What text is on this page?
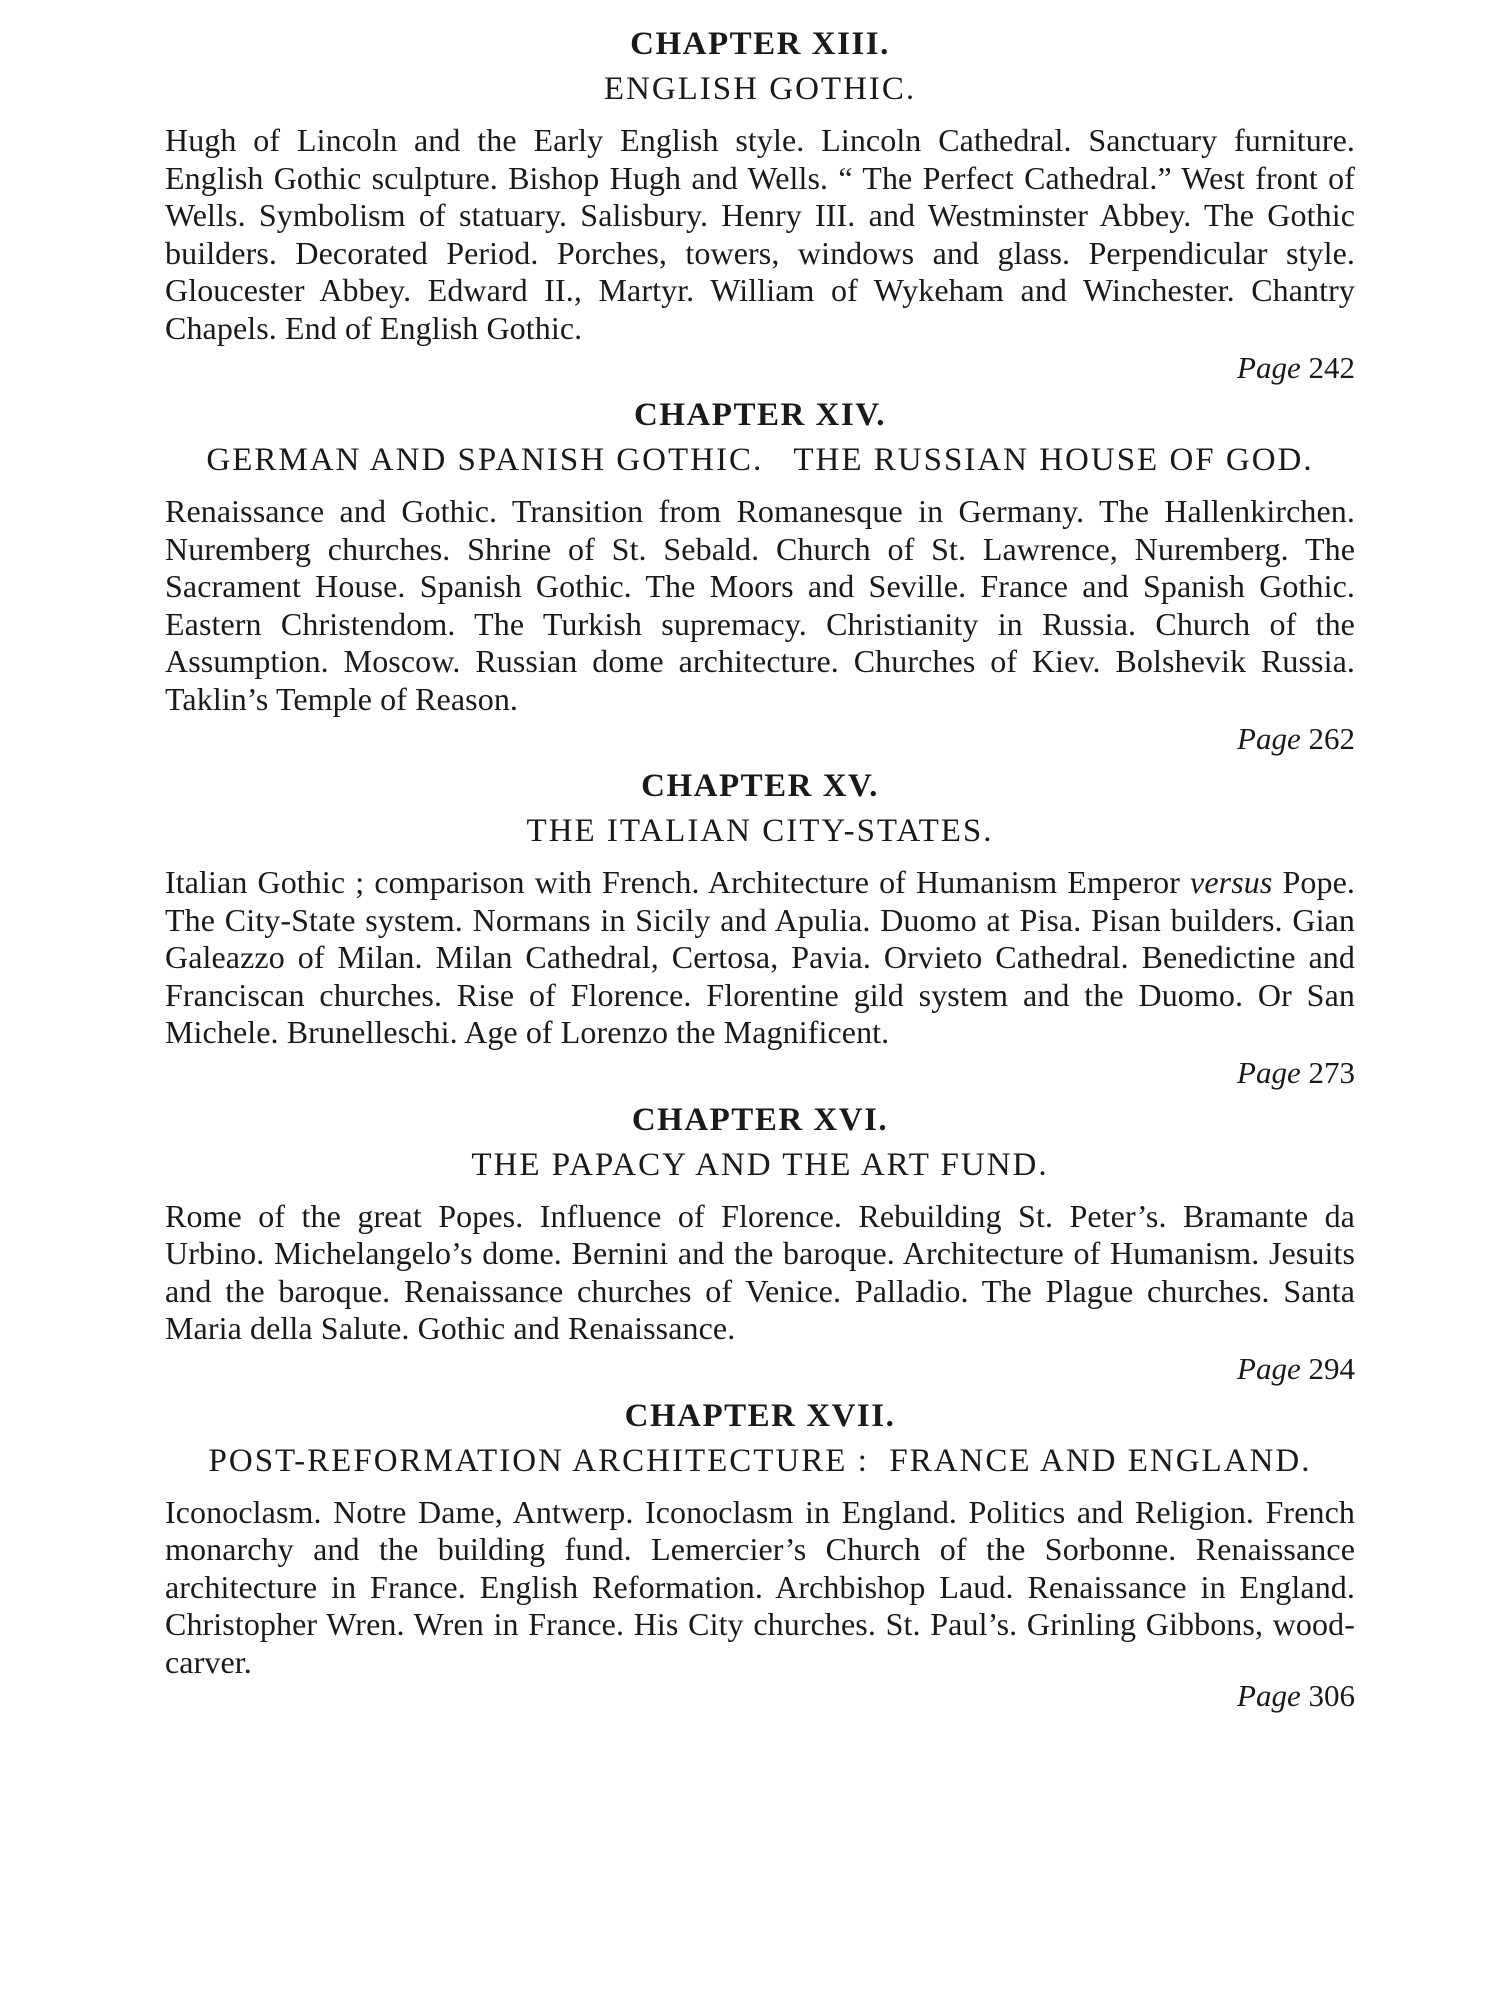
CHAPTER XIII.
ENGLISH GOTHIC.

Hugh of Lincoln and the Early English style. Lincoln Cathedral. Sanctuary furniture. English Gothic sculpture. Bishop Hugh and Wells. “ The Perfect Cathedral.” West front of Wells. Symbolism of statuary. Salisbury. Henry III. and Westminster Abbey. The Gothic builders. Decorated Period. Porches, towers, windows and glass. Perpendicular style. Gloucester Abbey. Edward II., Martyr. William of Wykeham and Winchester. Chantry Chapels. End of English Gothic.

Page 242
CHAPTER XIV.
GERMAN AND SPANISH GOTHIC.   THE RUSSIAN HOUSE OF GOD.

Renaissance and Gothic. Transition from Romanesque in Germany. The Hallenkirchen. Nuremberg churches. Shrine of St. Sebald. Church of St. Lawrence, Nuremberg. The Sacrament House. Spanish Gothic. The Moors and Seville. France and Spanish Gothic. Eastern Christendom. The Turkish supremacy. Christianity in Russia. Church of the Assumption. Moscow. Russian dome architecture. Churches of Kiev. Bolshevik Russia. Taklin’s Temple of Reason.

Page 262
CHAPTER XV.
THE ITALIAN CITY-STATES.

Italian Gothic ; comparison with French. Architecture of Humanism Emperor versus Pope. The City-State system. Normans in Sicily and Apulia. Duomo at Pisa. Pisan builders. Gian Galeazzo of Milan. Milan Cathedral, Certosa, Pavia. Orvieto Cathedral. Benedictine and Franciscan churches. Rise of Florence. Florentine gild system and the Duomo. Or San Michele. Brunelleschi. Age of Lorenzo the Magnificent.

Page 273
CHAPTER XVI.
THE PAPACY AND THE ART FUND.

Rome of the great Popes. Influence of Florence. Rebuilding St. Peter’s. Bramante da Urbino. Michelangelo’s dome. Bernini and the baroque. Architecture of Humanism. Jesuits and the baroque. Renaissance churches of Venice. Palladio. The Plague churches. Santa Maria della Salute. Gothic and Renaissance.

Page 294
CHAPTER XVII.
POST-REFORMATION ARCHITECTURE :  FRANCE AND ENGLAND.

Iconoclasm. Notre Dame, Antwerp. Iconoclasm in England. Politics and Religion. French monarchy and the building fund. Lemercier’s Church of the Sorbonne. Renaissance architecture in France. English Reformation. Archbishop Laud. Renaissance in England. Christopher Wren. Wren in France. His City churches. St. Paul’s. Grinling Gibbons, wood-carver.

Page 306
